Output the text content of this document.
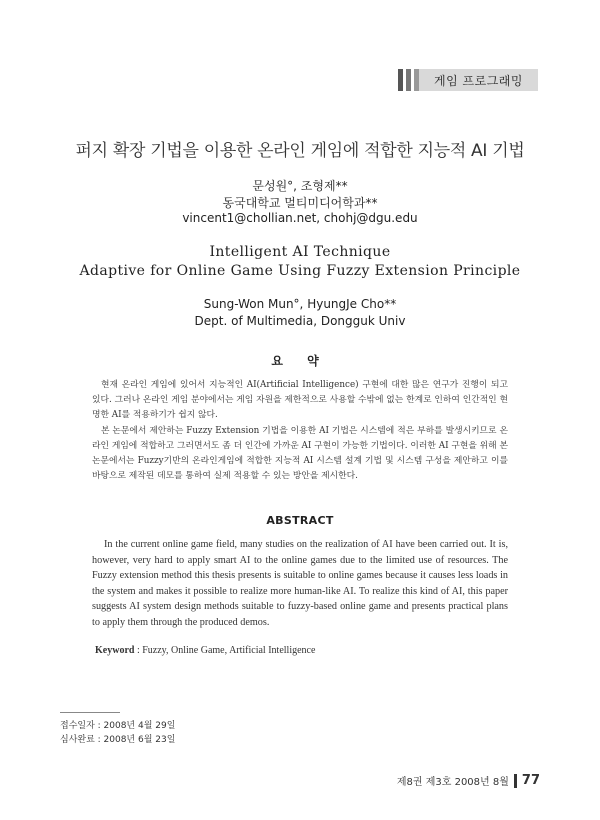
게임 프로그래밍
퍼지 확장 기법을 이용한 온라인 게임에 적합한 지능적 AI 기법
문성원°, 조형제**
동국대학교 멀티미디어학과**
vincent1@chollian.net, chohj@dgu.edu
Intelligent AI Technique
Adaptive for Online Game Using Fuzzy Extension Principle
Sung-Won Mun°, HyungJe Cho**
Dept. of Multimedia, Dongguk Univ
요 약

현재 온라인 게임에 있어서 지능적인 AI(Artificial Intelligence) 구현에 대한 많은 연구가 진행이 되고 있다. 그러나 온라인 게임 분야에서는 게임 자원을 제한적으로 사용할 수밖에 없는 한계로 인하여 인간적인 현명한 AI를 적용하기가 쉽지 않다.

본 논문에서 제안하는 Fuzzy Extension 기법을 이용한 AI 기법은 시스템에 적은 부하를 발생시키므로 온라인 게임에 적합하고 그러면서도 좀 더 인간에 가까운 AI 구현이 가능한 기법이다. 이러한 AI 구현을 위해 본 논문에서는 Fuzzy기반의 온라인게임에 적합한 지능적 AI 시스템 설계 기법 및 시스템 구성을 제안하고 이를 바탕으로 제작된 데모를 통하여 실제 적용할 수 있는 방안을 제시한다.

ABSTRACT

In the current online game field, many studies on the realization of AI have been carried out. It is, however, very hard to apply smart AI to the online games due to the limited use of resources. The Fuzzy extension method this thesis presents is suitable to online games because it causes less loads in the system and makes it possible to realize more human-like AI. To realize this kind of AI, this paper suggests AI system design methods suitable to fuzzy-based online game and presents practical plans to apply them through the produced demos.

Keyword : Fuzzy, Online Game, Artificial Intelligence
접수일자 : 2008년 4월 29일
심사완료 : 2008년 6월 23일
제8권 제3호 2008년 8월 77
